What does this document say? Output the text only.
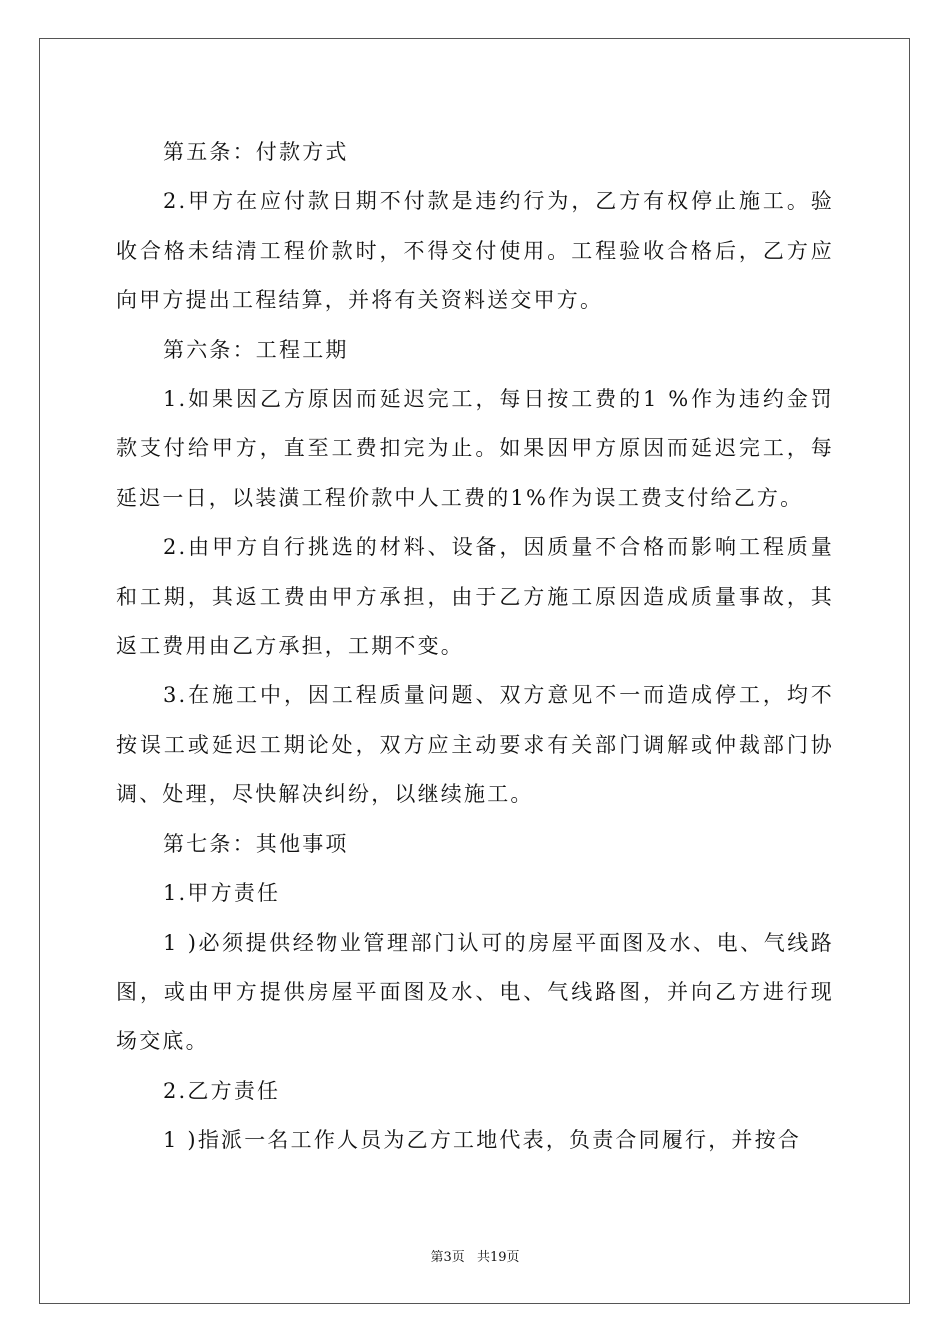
第五条：付款方式

2.甲方在应付款日期不付款是违约行为，乙方有权停止施工。验收合格未结清工程价款时，不得交付使用。工程验收合格后，乙方应向甲方提出工程结算，并将有关资料送交甲方。

第六条：工程工期

1.如果因乙方原因而延迟完工，每日按工费的1 %作为违约金罚款支付给甲方，直至工费扣完为止。如果因甲方原因而延迟完工，每延迟一日，以装潢工程价款中人工费的1%作为误工费支付给乙方。

2.由甲方自行挑选的材料、设备，因质量不合格而影响工程质量和工期，其返工费由甲方承担，由于乙方施工原因造成质量事故，其返工费用由乙方承担，工期不变。

3.在施工中，因工程质量问题、双方意见不一而造成停工，均不按误工或延迟工期论处，双方应主动要求有关部门调解或仲裁部门协调、处理，尽快解决纠纷，以继续施工。

第七条：其他事项

1.甲方责任

1 )必须提供经物业管理部门认可的房屋平面图及水、电、气线路图，或由甲方提供房屋平面图及水、电、气线路图，并向乙方进行现场交底。

2.乙方责任

1 )指派一名工作人员为乙方工地代表，负责合同履行，并按合

第3页 共19页
